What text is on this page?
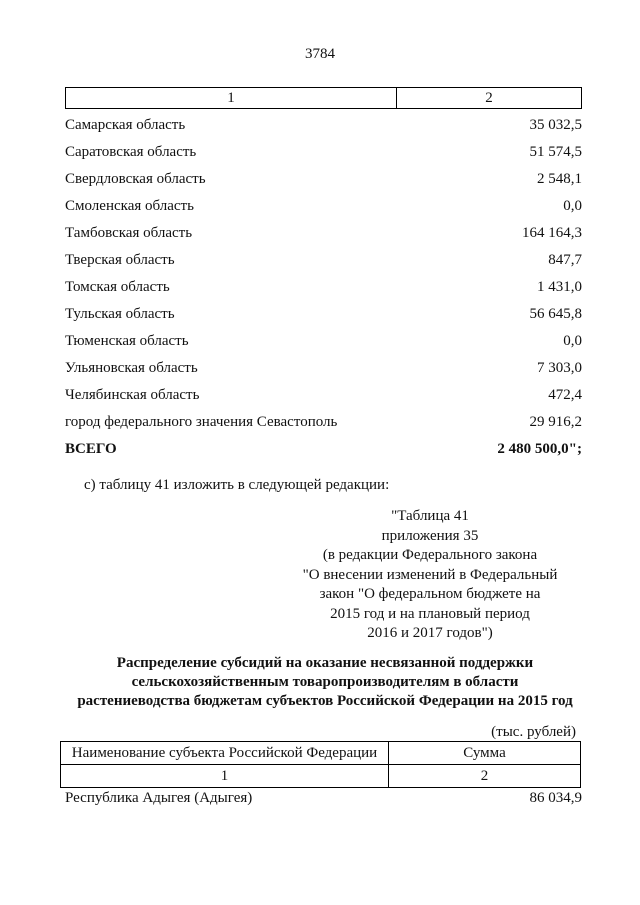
3784
1	2
Самарская область	35 032,5
Саратовская область	51 574,5
Свердловская область	2 548,1
Смоленская область	0,0
Тамбовская область	164 164,3
Тверская область	847,7
Томская область	1 431,0
Тульская область	56 645,8
Тюменская область	0,0
Ульяновская область	7 303,0
Челябинская область	472,4
город федерального значения Севастополь	29 916,2
ВСЕГО	2 480 500,0";
с) таблицу 41 изложить в следующей редакции:
"Таблица 41
приложения 35
(в редакции Федерального закона
"О внесении изменений в Федеральный
закон "О федеральном бюджете на
2015 год и на плановый период
2016 и 2017 годов")
Распределение субсидий на оказание несвязанной поддержки
сельскохозяйственным товаропроизводителям в области
растениеводства бюджетам субъектов Российской Федерации на 2015 год
(тыс. рублей)
Наименование субъекта Российской Федерации	Сумма
1	2
Республика Адыгея (Адыгея)	86 034,9
